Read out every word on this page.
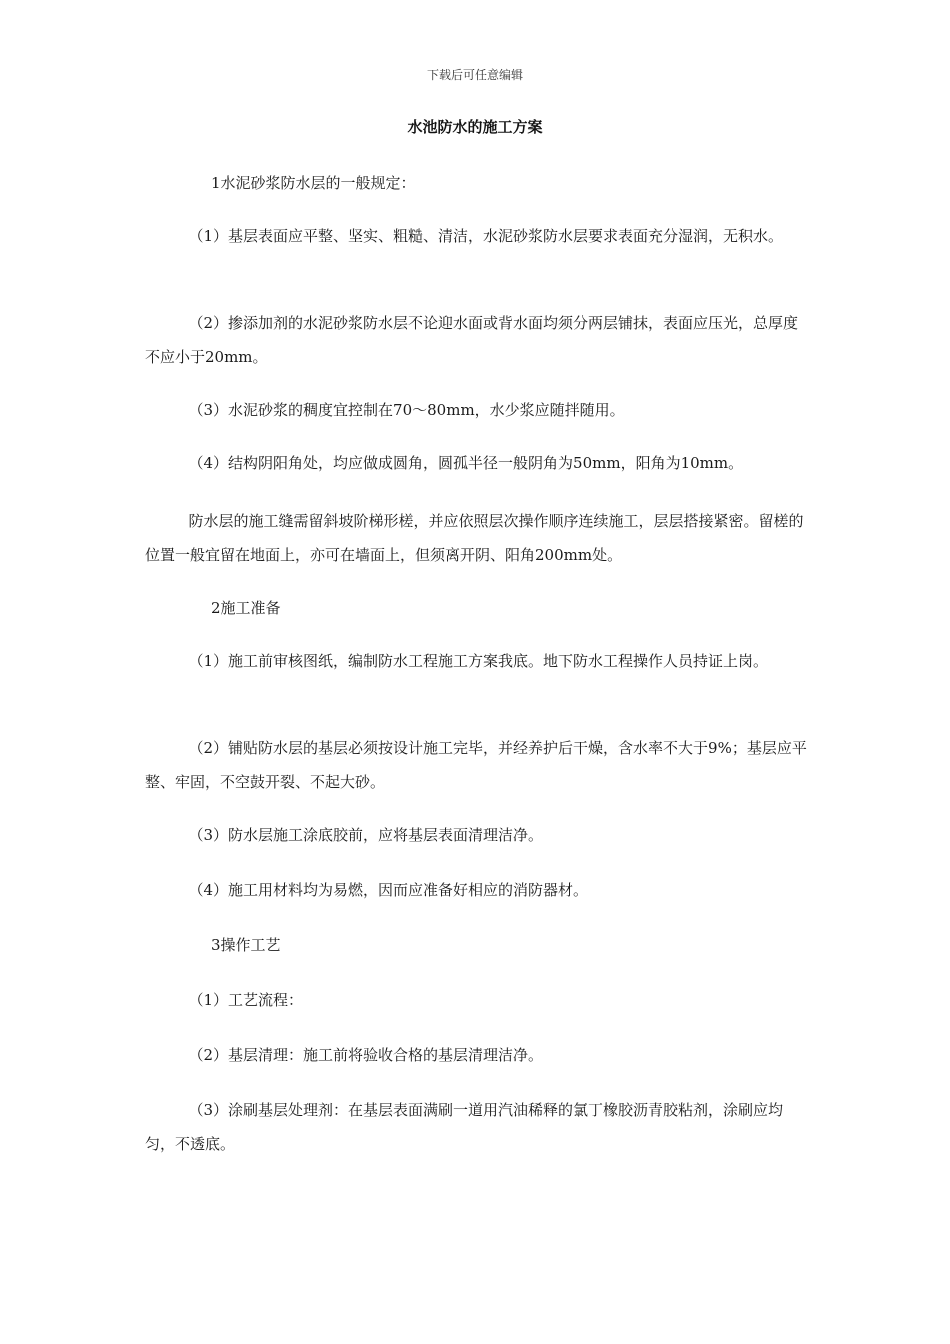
下载后可任意编辑
水池防水的施工方案

1水泥砂浆防水层的一般规定：

（1）基层表面应平整、坚实、粗糙、清洁，水泥砂浆防水层要求表面充分湿润，无积水。

（2）掺添加剂的水泥砂浆防水层不论迎水面或背水面均须分两层铺抹，表面应压光，总厚度不应小于20mm。

（3）水泥砂浆的稠度宜控制在70～80mm，水少浆应随拌随用。

（4）结构阴阳角处，均应做成圆角，圆孤半径一般阴角为50mm，阳角为10mm。

防水层的施工缝需留斜坡阶梯形槎，并应依照层次操作顺序连续施工，层层搭接紧密。留槎的位置一般宜留在地面上，亦可在墙面上，但须离开阴、阳角200mm处。

2施工准备

（1）施工前审核图纸，编制防水工程施工方案我底。地下防水工程操作人员持证上岗。

（2）铺贴防水层的基层必须按设计施工完毕，并经养护后干燥，含水率不大于9%；基层应平整、牢固，不空鼓开裂、不起大砂。

（3）防水层施工涂底胶前，应将基层表面清理洁净。

（4）施工用材料均为易燃，因而应准备好相应的消防器材。

3操作工艺

（1）工艺流程：

（2）基层清理：施工前将验收合格的基层清理洁净。

（3）涂刷基层处理剂：在基层表面满刷一道用汽油稀释的氯丁橡胶沥青胶粘剂，涂刷应均匀，不透底。
